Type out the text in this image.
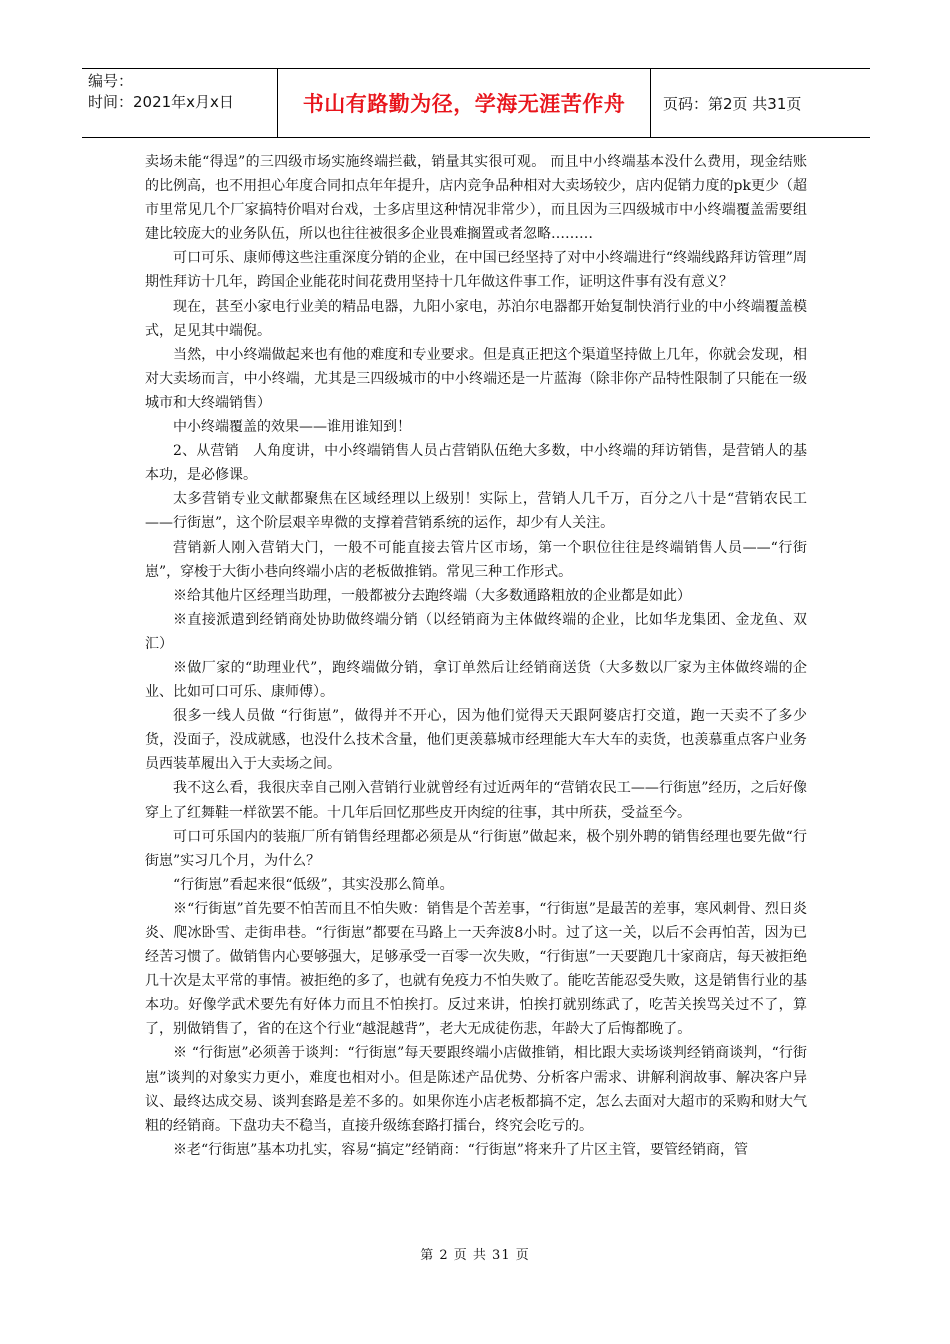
编号：
时间：2021年x月x日	书山有路勤为径，学海无涯苦作舟	页码：第2页 共31页

卖场未能“得逞”的三四级市场实施终端拦截，销量其实很可观。 而且中小终端基本没什么费用，现金结账的比例高，也不用担心年度合同扣点年年提升，店内竞争品种相对大卖场较少，店内促销力度的pk更少（超市里常见几个厂家搞特价唱对台戏，士多店里这种情况非常少），而且因为三四级城市中小终端覆盖需要组建比较庞大的业务队伍，所以也往往被很多企业畏难搁置或者忽略………

可口可乐、康师傅这些注重深度分销的企业，在中国已经坚持了对中小终端进行“终端线路拜访管理”周期性拜访十几年，跨国企业能花时间花费用坚持十几年做这件事工作，证明这件事有没有意义？

现在，甚至小家电行业美的精品电器，九阳小家电，苏泊尔电器都开始复制快消行业的中小终端覆盖模式，足见其中端倪。

当然，中小终端做起来也有他的难度和专业要求。但是真正把这个渠道坚持做上几年，你就会发现，相对大卖场而言，中小终端，尤其是三四级城市的中小终端还是一片蓝海（除非你产品特性限制了只能在一级城市和大终端销售）

中小终端覆盖的效果——谁用谁知到！

2、从营销　人角度讲，中小终端销售人员占营销队伍绝大多数，中小终端的拜访销售，是营销人的基本功，是必修课。

太多营销专业文献都聚焦在区域经理以上级别！实际上，营销人几千万，百分之八十是“营销农民工——行街崽”，这个阶层艰辛卑微的支撑着营销系统的运作，却少有人关注。

营销新人刚入营销大门，一般不可能直接去管片区市场，第一个职位往往是终端销售人员——“行街崽”，穿梭于大街小巷向终端小店的老板做推销。常见三种工作形式。

※给其他片区经理当助理，一般都被分去跑终端（大多数通路粗放的企业都是如此）

※直接派遣到经销商处协助做终端分销（以经销商为主体做终端的企业，比如华龙集团、金龙鱼、双汇）

※做厂家的“助理业代”，跑终端做分销，拿订单然后让经销商送货（大多数以厂家为主体做终端的企业、比如可口可乐、康师傅）。

很多一线人员做 “行街崽”，做得并不开心，因为他们觉得天天跟阿婆店打交道，跑一天卖不了多少货，没面子，没成就感，也没什么技术含量，他们更羡慕城市经理能大车大车的卖货，也羡慕重点客户业务员西装革履出入于大卖场之间。

我不这么看，我很庆幸自己刚入营销行业就曾经有过近两年的“营销农民工——行街崽”经历，之后好像穿上了红舞鞋一样欲罢不能。十几年后回忆那些皮开肉绽的往事，其中所获，受益至今。

可口可乐国内的装瓶厂所有销售经理都必须是从“行街崽”做起来，极个别外聘的销售经理也要先做“行街崽”实习几个月，为什么？

“行街崽”看起来很“低级”，其实没那么简单。

※“行街崽”首先要不怕苦而且不怕失败：销售是个苦差事，“行街崽”是最苦的差事，寒风刺骨、烈日炎炎、爬冰卧雪、走街串巷。“行街崽”都要在马路上一天奔波8小时。过了这一关，以后不会再怕苦，因为已经苦习惯了。做销售内心要够强大，足够承受一百零一次失败，“行街崽”一天要跑几十家商店，每天被拒绝几十次是太平常的事情。被拒绝的多了，也就有免疫力不怕失败了。能吃苦能忍受失败，这是销售行业的基本功。好像学武术要先有好体力而且不怕挨打。反过来讲，怕挨打就别练武了，吃苦关挨骂关过不了，算了，别做销售了，省的在这个行业“越混越背”，老大无成徒伤悲，年龄大了后悔都晚了。

※ “行街崽”必须善于谈判：“行街崽”每天要跟终端小店做推销，相比跟大卖场谈判经销商谈判，“行街崽”谈判的对象实力更小，难度也相对小。但是陈述产品优势、分析客户需求、讲解利润故事、解决客户异议、最终达成交易、谈判套路是差不多的。如果你连小店老板都搞不定，怎么去面对大超市的采购和财大气粗的经销商。下盘功夫不稳当，直接升级练套路打擂台，终究会吃亏的。

※老“行街崽”基本功扎实，容易“搞定”经销商：“行街崽”将来升了片区主管，要管经销商，管

第 2 页 共 31 页
